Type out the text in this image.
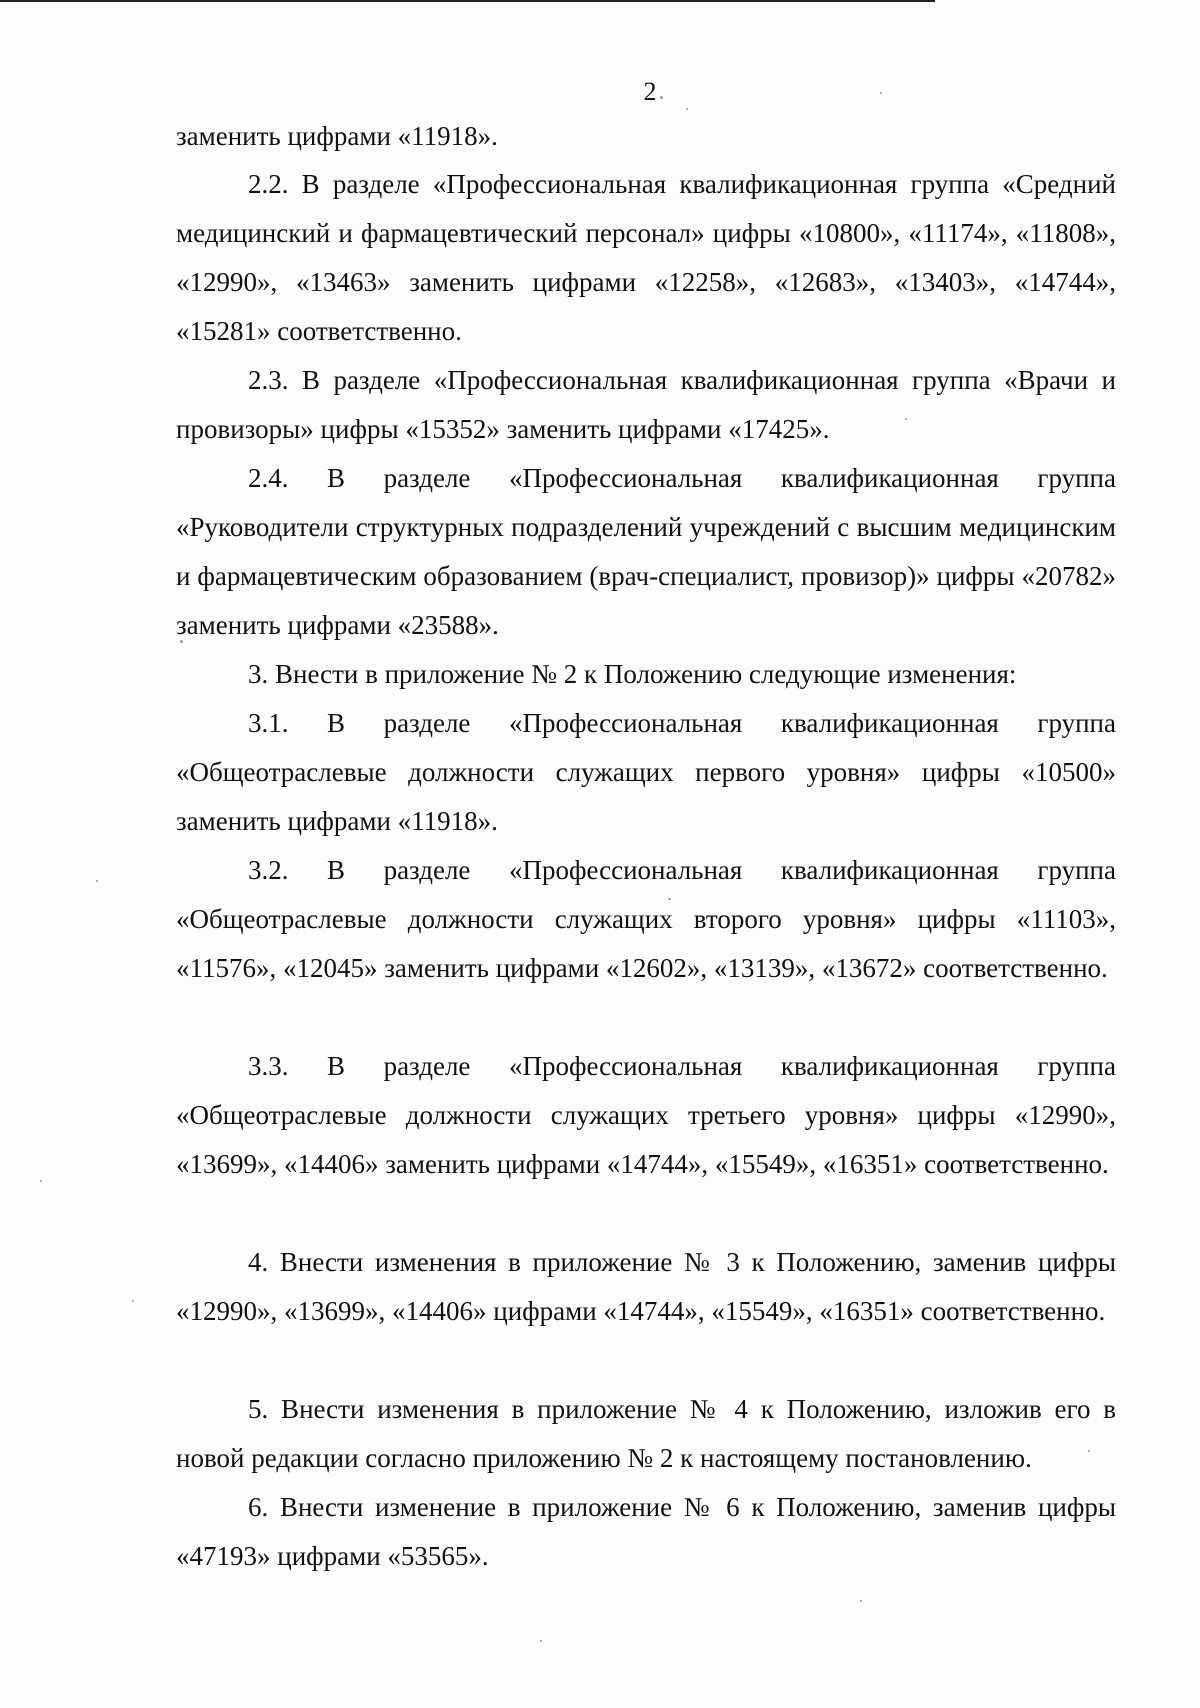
2

заменить цифрами «11918».

2.2. В разделе «Профессиональная квалификационная группа «Средний медицинский и фармацевтический персонал» цифры «10800», «11174», «11808», «12990», «13463» заменить цифрами «12258», «12683», «13403», «14744», «15281» соответственно.

2.3. В разделе «Профессиональная квалификационная группа «Врачи и провизоры» цифры «15352» заменить цифрами «17425».

2.4. В разделе «Профессиональная квалификационная группа «Руководители структурных подразделений учреждений с высшим медицинским и фармацевтическим образованием (врач-специалист, провизор)» цифры «20782» заменить цифрами «23588».

3. Внести в приложение № 2 к Положению следующие изменения:

3.1. В разделе «Профессиональная квалификационная группа «Общеотраслевые должности служащих первого уровня» цифры «10500» заменить цифрами «11918».

3.2. В разделе «Профессиональная квалификационная группа «Общеотраслевые должности служащих второго уровня» цифры «11103», «11576», «12045» заменить цифрами «12602», «13139», «13672» соответственно.

3.3. В разделе «Профессиональная квалификационная группа «Общеотраслевые должности служащих третьего уровня» цифры «12990», «13699», «14406» заменить цифрами «14744», «15549», «16351» соответственно.

4. Внести изменения в приложение № 3 к Положению, заменив цифры «12990», «13699», «14406» цифрами «14744», «15549», «16351» соответственно.

5. Внести изменения в приложение № 4 к Положению, изложив его в новой редакции согласно приложению № 2 к настоящему постановлению.

6. Внести изменение в приложение № 6 к Положению, заменив цифры «47193» цифрами «53565».
